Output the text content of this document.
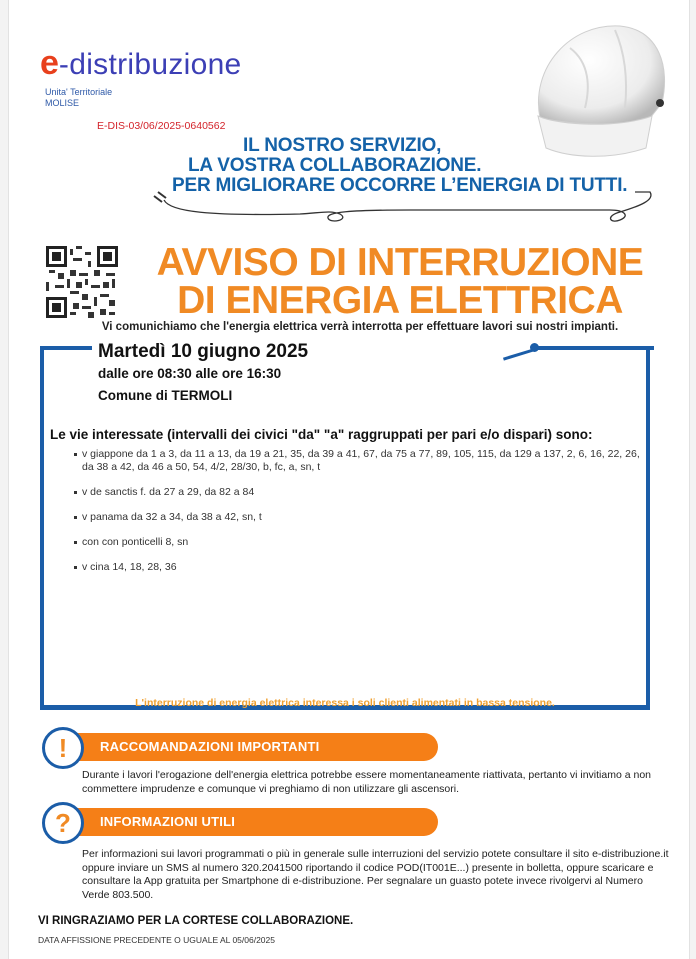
e -distribuzione
Unita' Territoriale
MOLISE
E-DIS-03/06/2025-0640562
IL NOSTRO SERVIZIO,
LA VOSTRA COLLABORAZIONE.
PER MIGLIORARE OCCORRE L’ENERGIA DI TUTTI.
AVVISO DI INTERRUZIONE
DI ENERGIA ELETTRICA
Vi comunichiamo che l'energia elettrica verrà interrotta per effettuare lavori sui nostri impianti.
Martedì 10 giugno 2025
dalle ore 08:30 alle ore 16:30
Comune di TERMOLI
Le vie interessate (intervalli dei civici "da" "a" raggruppati per pari e/o dispari) sono:
v giappone da 1 a 3, da 11 a 13, da 19 a 21, 35, da 39 a 41, 67, da 75 a 77, 89, 105, 115, da 129 a 137, 2, 6, 16, 22, 26, da 38 a 42, da 46 a 50, 54, 4/2, 28/30, b, fc, a, sn, t
v de sanctis f. da 27 a 29, da 82 a 84
v panama da 32 a 34, da 38 a 42, sn, t
con con ponticelli 8, sn
v cina 14, 18, 28, 36
L'interruzione di energia elettrica interessa i soli clienti alimentati in bassa tensione.
!	RACCOMANDAZIONI IMPORTANTI
Durante i lavori l'erogazione dell'energia elettrica potrebbe essere momentaneamente riattivata, pertanto vi invitiamo a non commettere imprudenze e comunque vi preghiamo di non utilizzare gli ascensori.
?	INFORMAZIONI UTILI
Per informazioni sui lavori programmati o più in generale sulle interruzioni del servizio potete consultare il sito e-distribuzione.it oppure inviare un SMS al numero 320.2041500 riportando il codice POD(IT001E...) presente in bolletta, oppure scaricare e consultare la App gratuita per Smartphone di e-distribuzione. Per segnalare un guasto potete invece rivolgervi al Numero Verde 803.500.
VI RINGRAZIAMO PER LA CORTESE COLLABORAZIONE.
DATA AFFISSIONE PRECEDENTE O UGUALE AL 05/06/2025
